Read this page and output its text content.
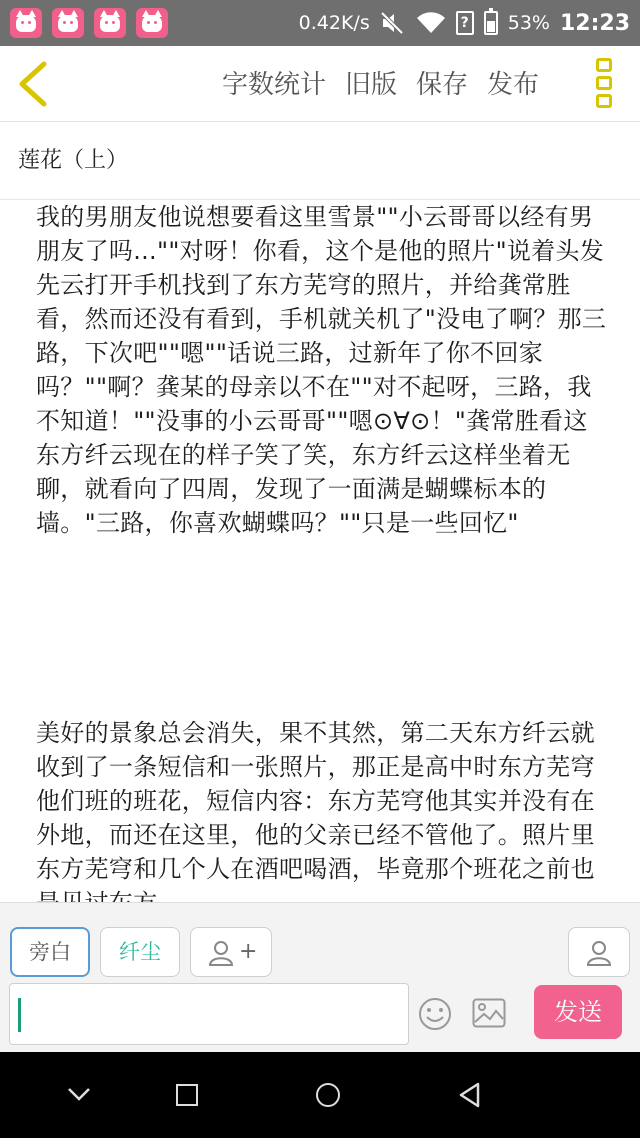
0.42K/s	? 53% 12:23
字数统计 旧版 保存 发布
莲花（上）
我的男朋友他说想要看这里雪景""小云哥哥以经有男朋友了吗...""对呀！你看，这个是他的照片"说着头发先云打开手机找到了东方芜穹的照片，并给龚常胜看，然而还没有看到，手机就关机了"没电了啊？那三路，下次吧""嗯""话说三路，过新年了你不回家吗？""啊？龚某的母亲以不在""对不起呀，三路，我不知道！""没事的小云哥哥""嗯⊙∀⊙！"龚常胜看这东方纤云现在的样子笑了笑，东方纤云这样坐着无聊，就看向了四周，发现了一面满是蝴蝶标本的墙。"三路，你喜欢蝴蝶吗？""只是一些回忆"
美好的景象总会消失，果不其然，第二天东方纤云就收到了一条短信和一张照片，那正是高中时东方芜穹他们班的班花，短信内容：东方芜穹他其实并没有在外地，而还在这里，他的父亲已经不管他了。照片里东方芜穹和几个人在酒吧喝酒，毕竟那个班花之前也
旁白	纤尘	+
发送
